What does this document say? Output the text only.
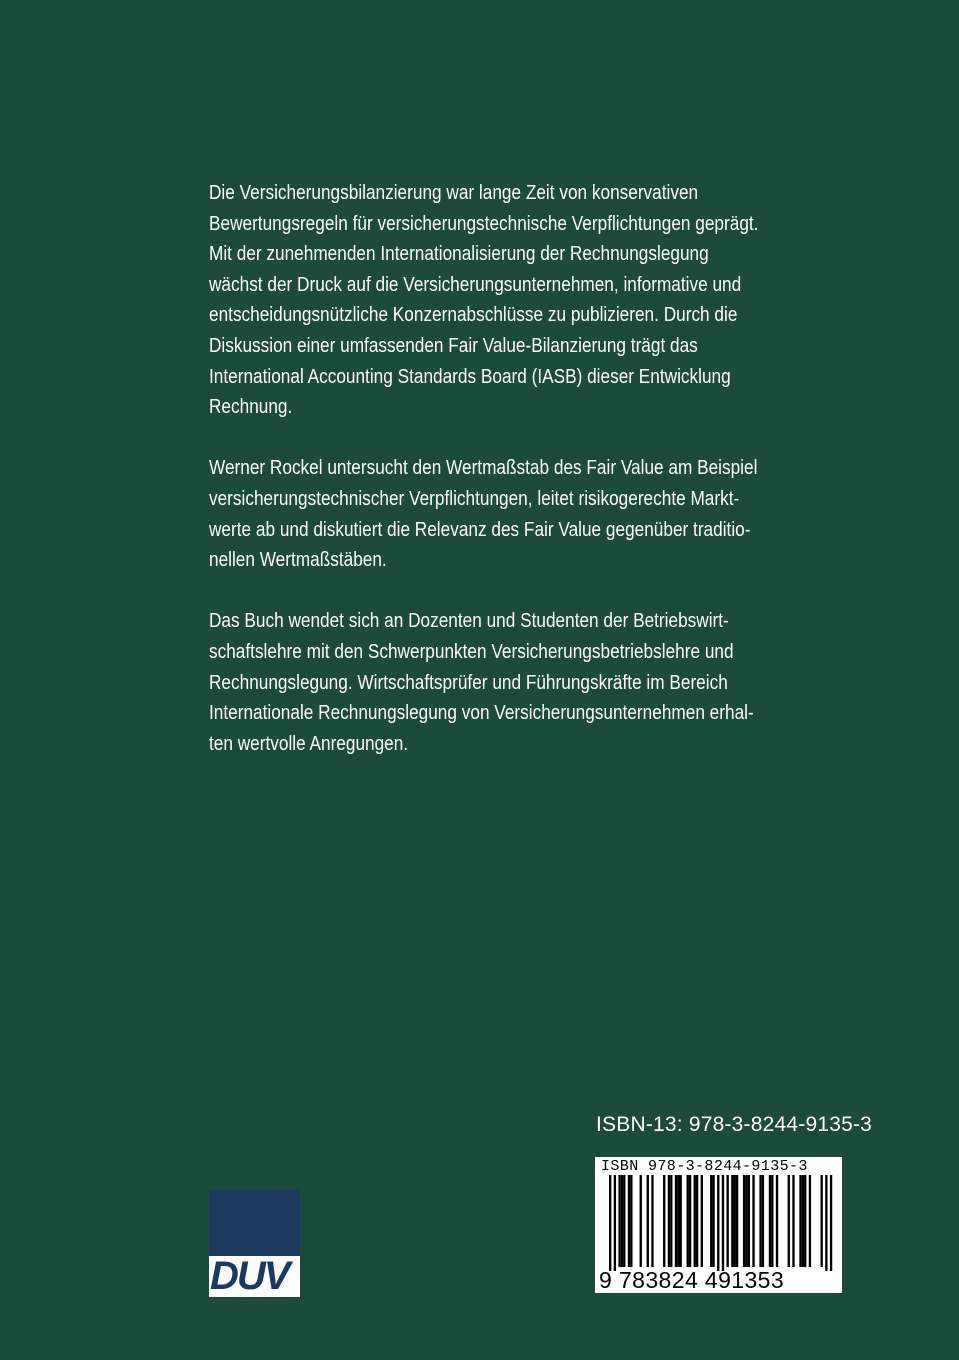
Die Versicherungsbilanzierung war lange Zeit von konservativen
Bewertungsregeln für versicherungstechnische Verpflichtungen geprägt.
Mit der zunehmenden Internationalisierung der Rechnungslegung
wächst der Druck auf die Versicherungsunternehmen, informative und
entscheidungsnützliche Konzernabschlüsse zu publizieren. Durch die
Diskussion einer umfassenden Fair Value-Bilanzierung trägt das
International Accounting Standards Board (IASB) dieser Entwicklung
Rechnung.
Werner Rockel untersucht den Wertmaßstab des Fair Value am Beispiel
versicherungstechnischer Verpflichtungen, leitet risikogerechte Markt-
werte ab und diskutiert die Relevanz des Fair Value gegenüber traditio-
nellen Wertmaßstäben.
Das Buch wendet sich an Dozenten und Studenten der Betriebswirt-
schaftslehre mit den Schwerpunkten Versicherungsbetriebslehre und
Rechnungslegung. Wirtschaftsprüfer und Führungskräfte im Bereich
Internationale Rechnungslegung von Versicherungsunternehmen erhal-
ten wertvolle Anregungen.
ISBN-13: 978-3-8244-9135-3
ISBN 978-3-8244-9135-3
9 783824 491353
DUV
